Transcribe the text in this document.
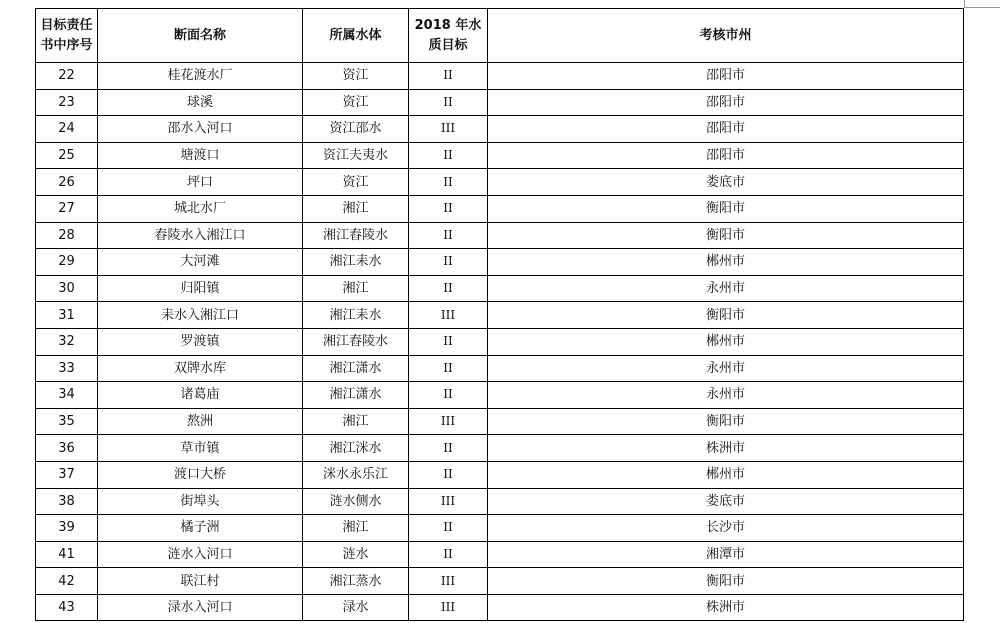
目标责任书中序号	断面名称	所属水体	2018 年水质目标	考核市州
22	桂花渡水厂	资江	II	邵阳市
23	球溪	资江	II	邵阳市
24	邵水入河口	资江邵水	III	邵阳市
25	塘渡口	资江夫夷水	II	邵阳市
26	坪口	资江	II	娄底市
27	城北水厂	湘江	II	衡阳市
28	舂陵水入湘江口	湘江舂陵水	II	衡阳市
29	大河滩	湘江耒水	II	郴州市
30	归阳镇	湘江	II	永州市
31	耒水入湘江口	湘江耒水	III	衡阳市
32	罗渡镇	湘江舂陵水	II	郴州市
33	双牌水库	湘江潇水	II	永州市
34	诸葛庙	湘江潇水	II	永州市
35	熬洲	湘江	III	衡阳市
36	草市镇	湘江洣水	II	株洲市
37	渡口大桥	洣水永乐江	II	郴州市
38	街埠头	涟水侧水	III	娄底市
39	橘子洲	湘江	II	长沙市
41	涟水入河口	涟水	II	湘潭市
42	联江村	湘江蒸水	III	衡阳市
43	渌水入河口	渌水	III	株洲市
